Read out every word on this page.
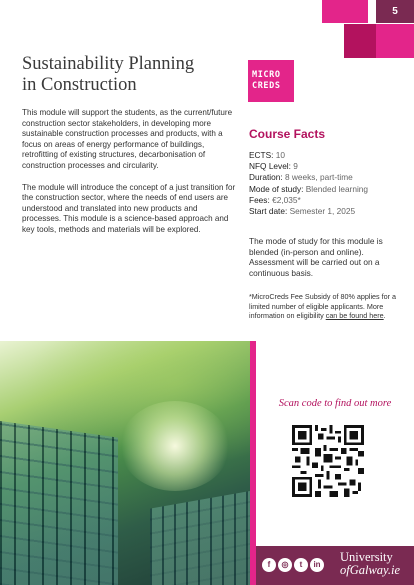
5
Sustainability Planning
in Construction

This module will support the students, as the current/future construction sector stakeholders, in developing more sustainable construction processes and products, with a focus on areas of energy performance of buildings, retrofitting of existing structures, decarbonisation of construction processes and circularity.

The module will introduce the concept of a just transition for the construction sector, where the needs of end users are understood and translated into new products and processes. This module is a science-based approach and key tools, methods and materials will be explored.

MICRO
CREDS
Course Facts
ECTS: 10
NFQ Level: 9
Duration: 8 weeks, part-time
Mode of study: Blended learning
Fees: €2,035*
Start date: Semester 1, 2025
The mode of study for this module is blended (in-person and online). Assessment will be carried out on a continuous basis.
*MicroCreds Fee Subsidy of 80% applies for a limited number of eligible applicants. More information on eligibility can be found here.
Scan code to find out more
f	◎	t	in
University
ofGalway.ie
